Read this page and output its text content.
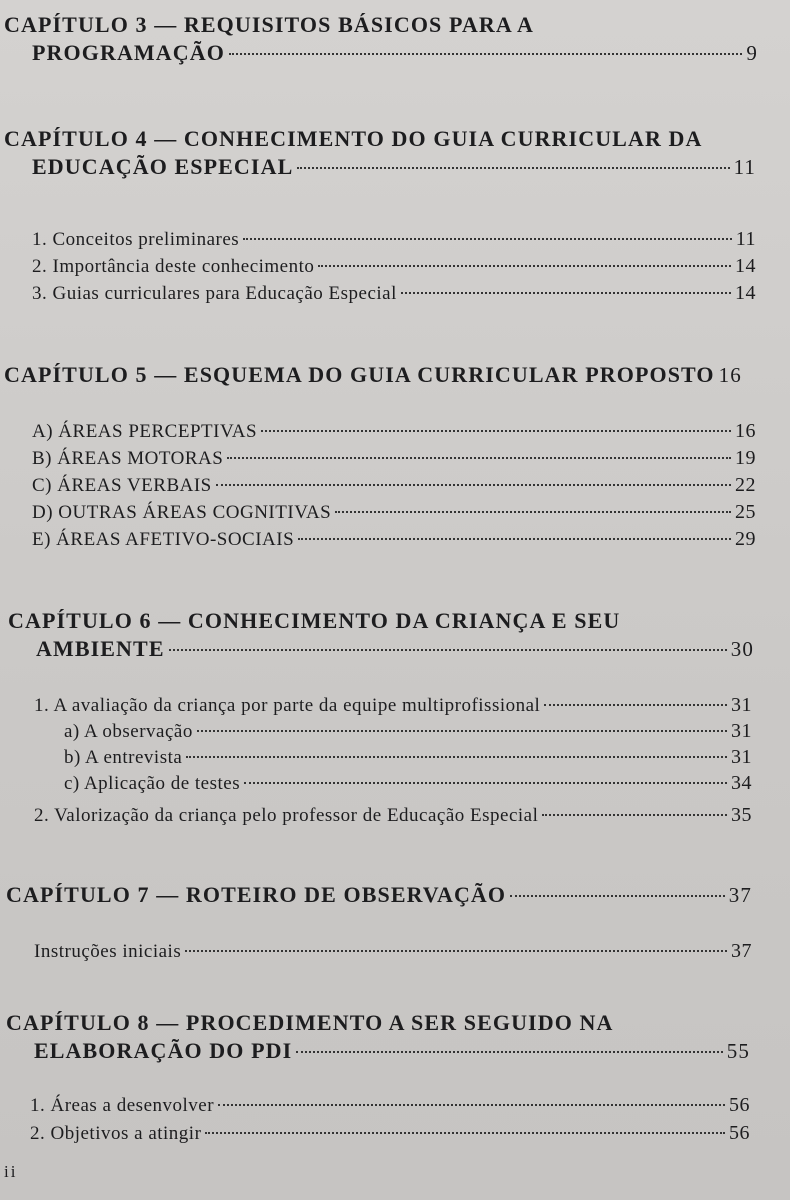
CAPÍTULO 3 — REQUISITOS BÁSICOS PARA A
PROGRAMAÇÃO	9
CAPÍTULO 4 — CONHECIMENTO DO GUIA CURRICULAR DA
EDUCAÇÃO ESPECIAL	11
1. Conceitos preliminares	11
2. Importância deste conhecimento	14
3. Guias curriculares para Educação Especial	14
CAPÍTULO 5 — ESQUEMA DO GUIA CURRICULAR PROPOSTO 16
A) ÁREAS PERCEPTIVAS	16
B) ÁREAS MOTORAS	19
C) ÁREAS VERBAIS	22
D) OUTRAS ÁREAS COGNITIVAS	25
E) ÁREAS AFETIVO-SOCIAIS	29
CAPÍTULO 6 — CONHECIMENTO DA CRIANÇA E SEU
AMBIENTE	30
1. A avaliação da criança por parte da equipe multiprofissional	31
a) A observação	31
b) A entrevista	31
c) Aplicação de testes	34
2. Valorização da criança pelo professor de Educação Especial	35
CAPÍTULO 7 — ROTEIRO DE OBSERVAÇÃO	37
Instruções iniciais	37
CAPÍTULO 8 — PROCEDIMENTO A SER SEGUIDO NA
ELABORAÇÃO DO PDI	55
1. Áreas a desenvolver	56
2. Objetivos a atingir	56
ii
